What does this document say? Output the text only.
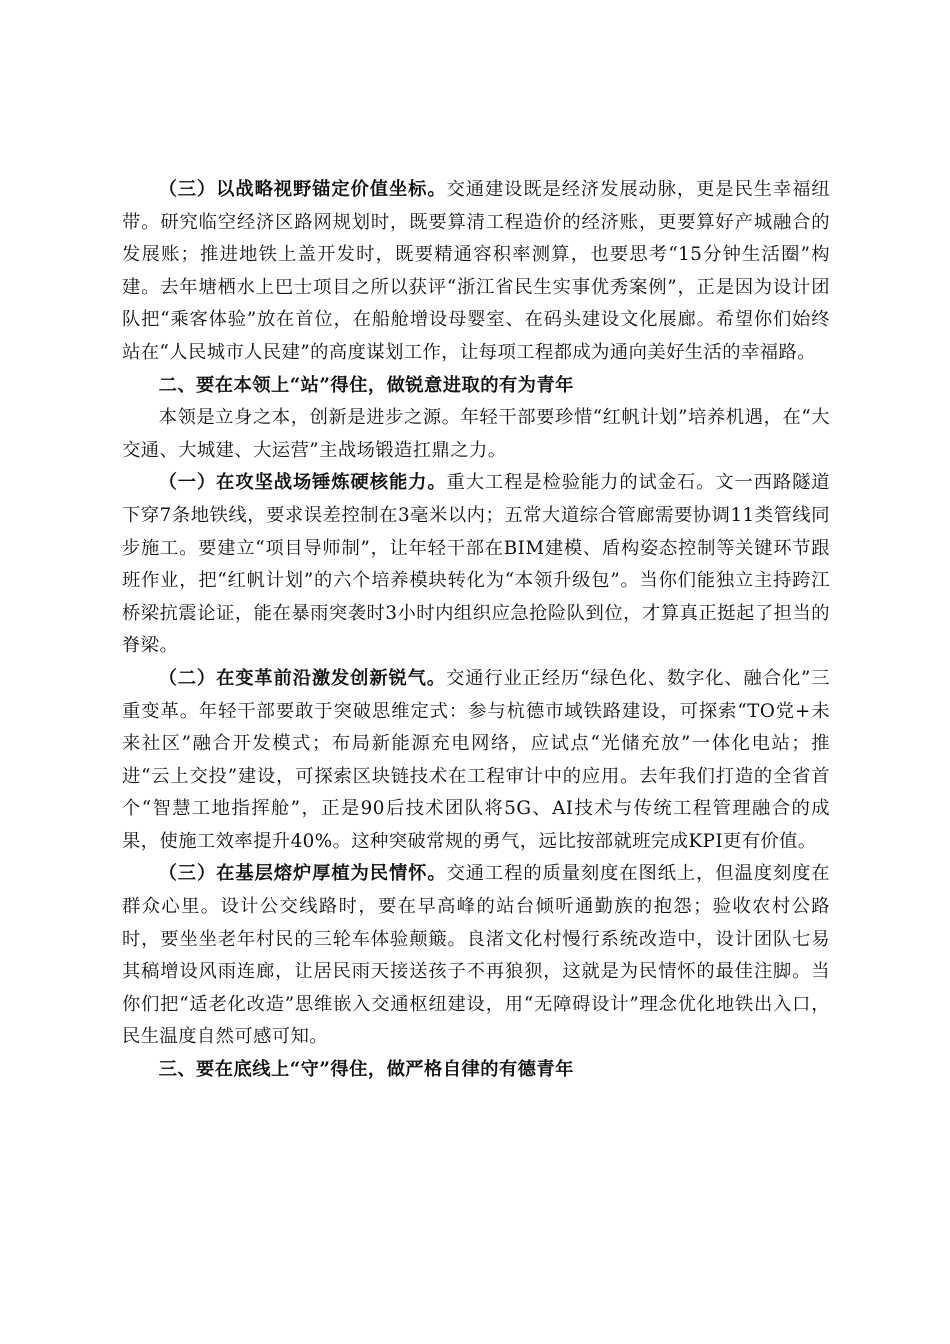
（三）以战略视野锚定价值坐标。交通建设既是经济发展动脉，更是民生幸福纽带。研究临空经济区路网规划时，既要算清工程造价的经济账，更要算好产城融合的发展账；推进地铁上盖开发时，既要精通容积率测算，也要思考“15分钟生活圈”构建。去年塘栖水上巴士项目之所以获评“浙江省民生实事优秀案例”，正是因为设计团队把“乘客体验”放在首位，在船舱增设母婴室、在码头建设文化展廊。希望你们始终站在“人民城市人民建”的高度谋划工作，让每项工程都成为通向美好生活的幸福路。

二、要在本领上“站”得住，做锐意进取的有为青年

本领是立身之本，创新是进步之源。年轻干部要珍惜“红帆计划”培养机遇，在“大交通、大城建、大运营”主战场锻造扛鼎之力。

（一）在攻坚战场锤炼硬核能力。重大工程是检验能力的试金石。文一西路隧道下穿7条地铁线，要求误差控制在3毫米以内；五常大道综合管廊需要协调11类管线同步施工。要建立“项目导师制”，让年轻干部在BIM建模、盾构姿态控制等关键环节跟班作业，把“红帆计划”的六个培养模块转化为“本领升级包”。当你们能独立主持跨江桥梁抗震论证，能在暴雨突袭时3小时内组织应急抢险队到位，才算真正挺起了担当的脊梁。

（二）在变革前沿激发创新锐气。交通行业正经历“绿色化、数字化、融合化”三重变革。年轻干部要敢于突破思维定式：参与杭德市域铁路建设，可探索“TO党+未来社区”融合开发模式；布局新能源充电网络，应试点“光储充放”一体化电站；推进“云上交投”建设，可探索区块链技术在工程审计中的应用。去年我们打造的全省首个“智慧工地指挥舱”，正是90后技术团队将5G、AI技术与传统工程管理融合的成果，使施工效率提升40%。这种突破常规的勇气，远比按部就班完成KPI更有价值。

（三）在基层熔炉厚植为民情怀。交通工程的质量刻度在图纸上，但温度刻度在群众心里。设计公交线路时，要在早高峰的站台倾听通勤族的抱怨；验收农村公路时，要坐坐老年村民的三轮车体验颠簸。良渚文化村慢行系统改造中，设计团队七易其稿增设风雨连廊，让居民雨天接送孩子不再狼狈，这就是为民情怀的最佳注脚。当你们把“适老化改造”思维嵌入交通枢纽建设，用“无障碍设计”理念优化地铁出入口，民生温度自然可感可知。

三、要在底线上“守”得住，做严格自律的有德青年
